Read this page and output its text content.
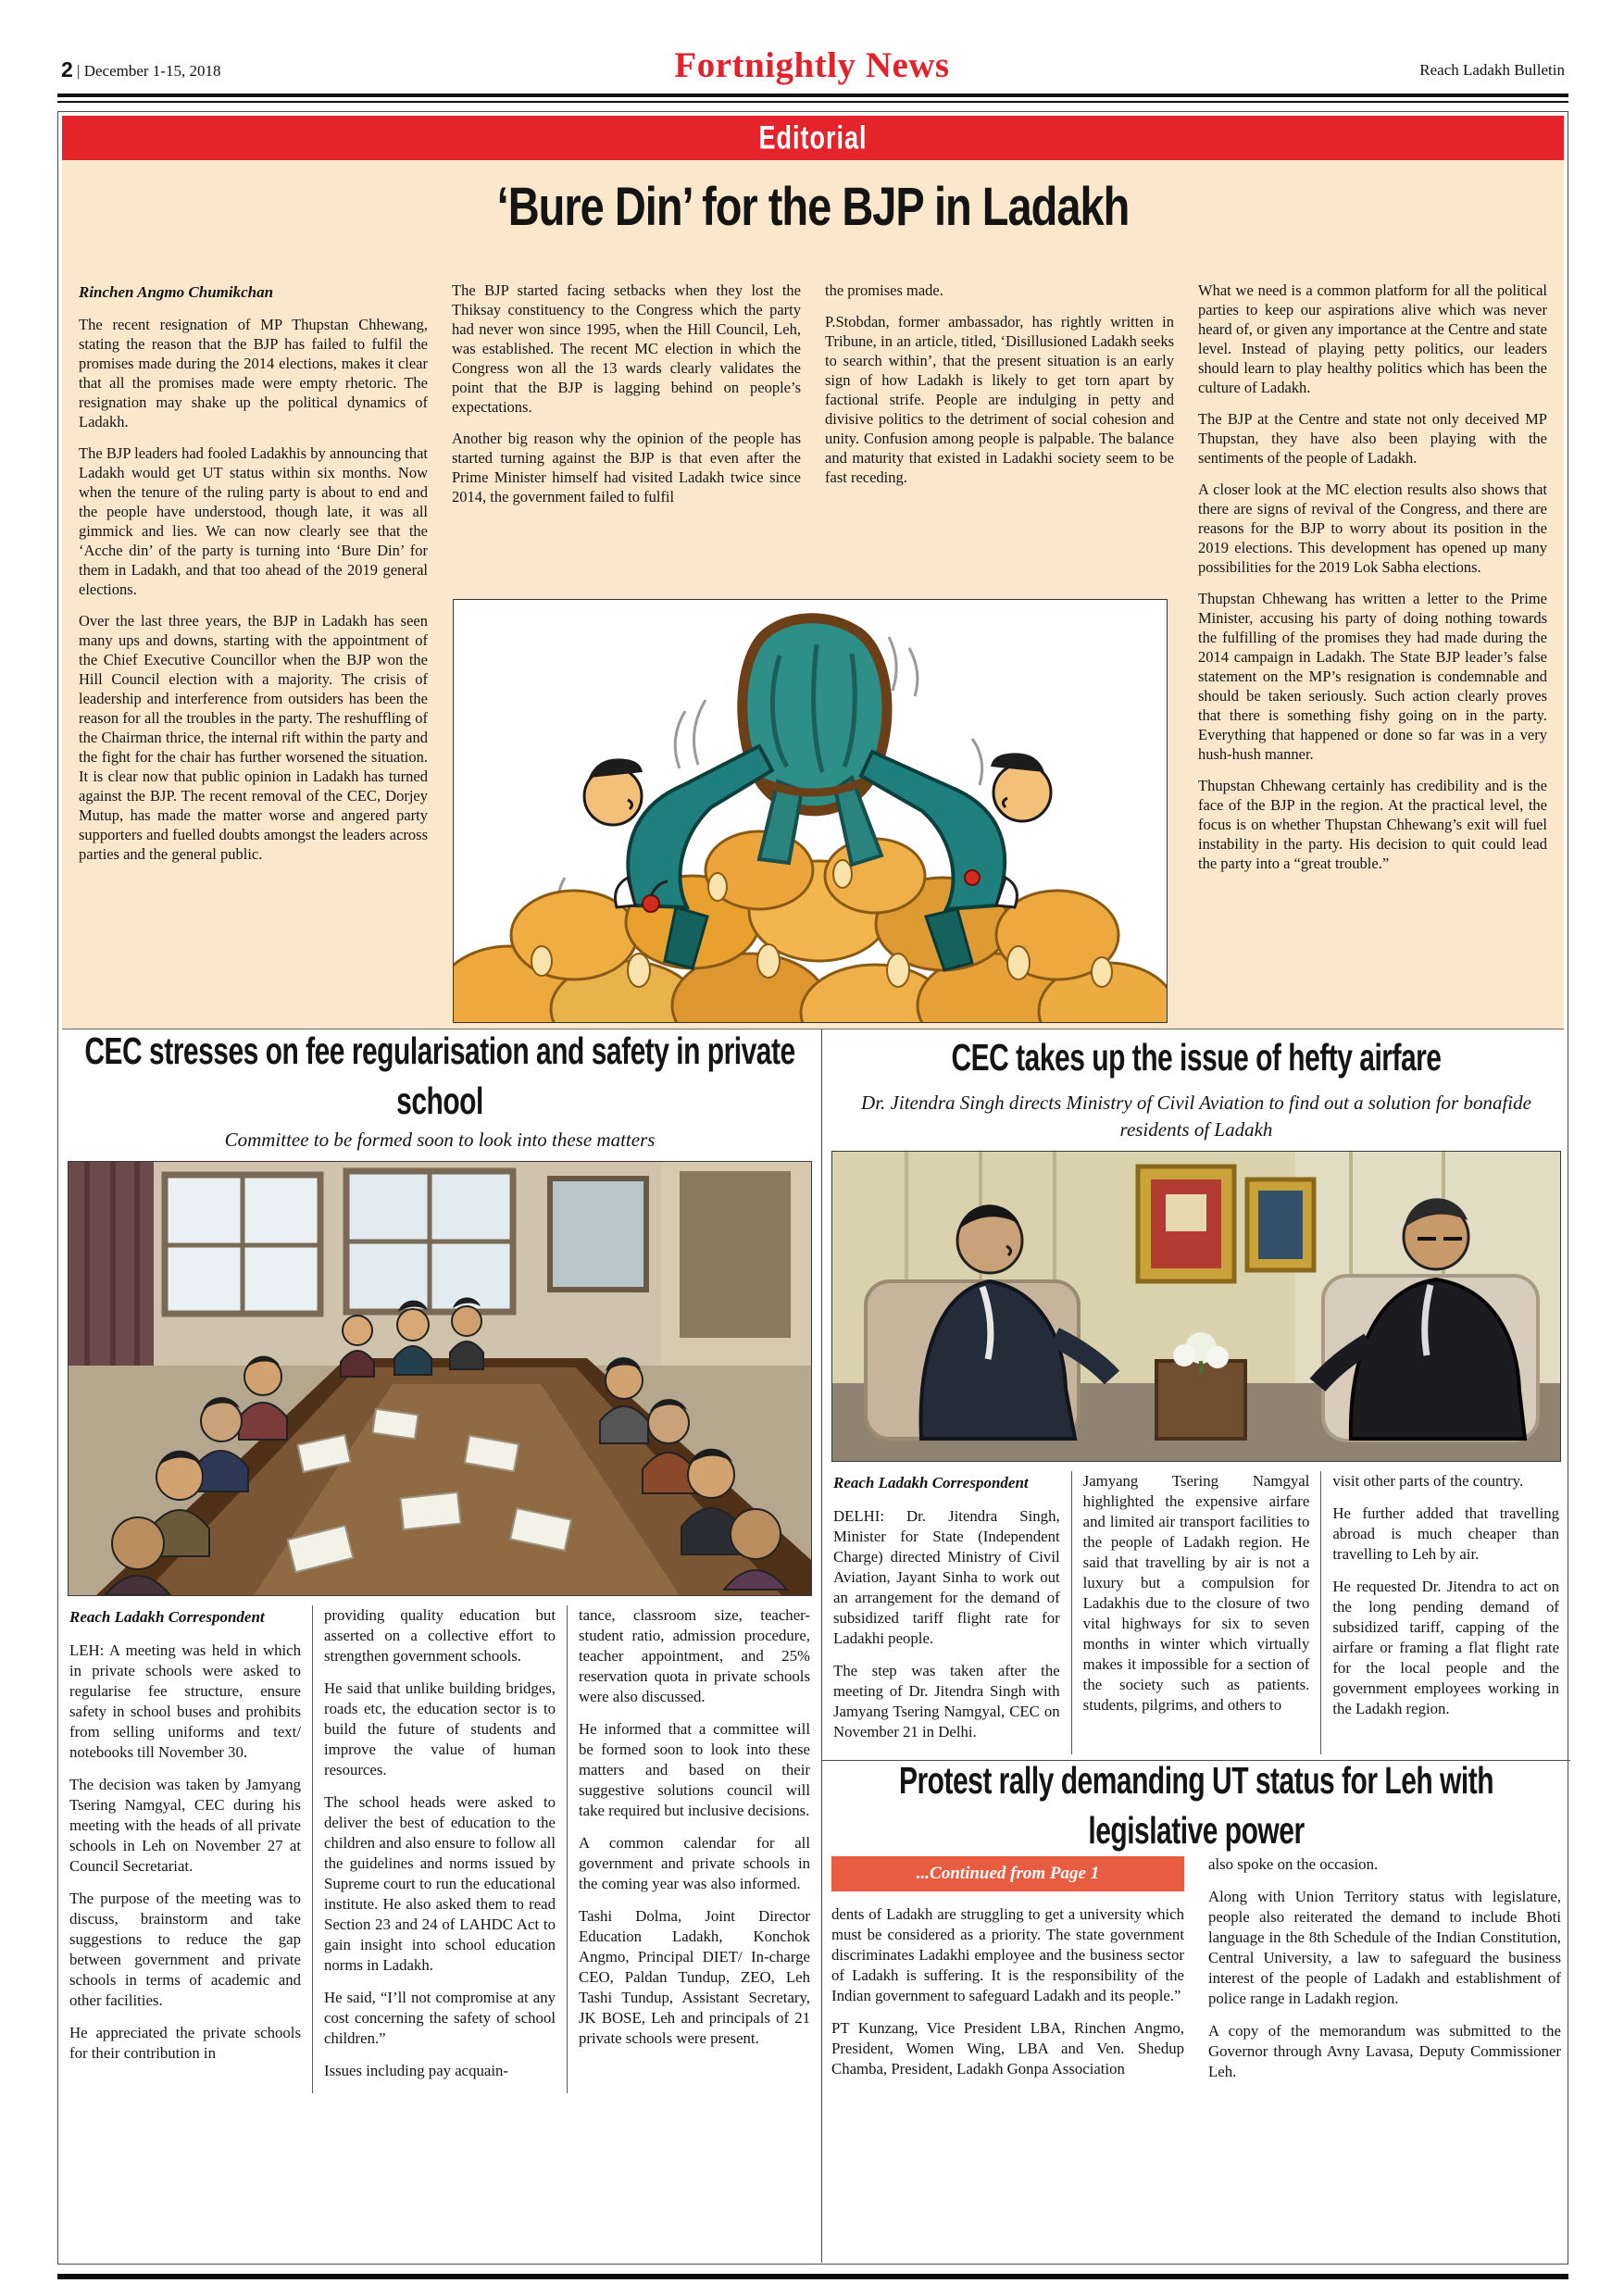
2 | December 1-15, 2018	Fortnightly News	Reach Ladakh Bulletin
Editorial
‘Bure Din’ for the BJP in Ladakh
Rinchen Angmo Chumikchan

The recent resignation of MP Thupstan Chhewang, stating the reason that the BJP has failed to fulfil the promises made during the 2014 elections, makes it clear that all the promises made were empty rhetoric. The resignation may shake up the political dynamics of Ladakh.

The BJP leaders had fooled Ladakhis by announcing that Ladakh would get UT status within six months. Now when the tenure of the ruling party is about to end and the people have understood, though late, it was all gimmick and lies. We can now clearly see that the ‘Acche din’ of the party is turning into ‘Bure Din’ for them in Ladakh, and that too ahead of the 2019 general elections.

Over the last three years, the BJP in Ladakh has seen many ups and downs, starting with the appointment of the Chief Executive Councillor when the BJP won the Hill Council election with a majority. The crisis of leadership and interference from outsiders has been the reason for all the troubles in the party. The reshuffling of the Chairman thrice, the internal rift within the party and the fight for the chair has further worsened the situation. It is clear now that public opinion in Ladakh has turned against the BJP. The recent removal of the CEC, Dorjey Mutup, has made the matter worse and angered party supporters and fuelled doubts amongst the leaders across parties and the general public.

The BJP started facing setbacks when they lost the Thiksay constituency to the Congress which the party had never won since 1995, when the Hill Council, Leh, was established. The recent MC election in which the Congress won all the 13 wards clearly validates the point that the BJP is lagging behind on people’s expectations.

Another big reason why the opinion of the people has started turning against the BJP is that even after the Prime Minister himself had visited Ladakh twice since 2014, the government failed to fulfil

the promises made.

P.Stobdan, former ambassador, has rightly written in Tribune, in an article, titled, ‘Disillusioned Ladakh seeks to search within’, that the present situation is an early sign of how Ladakh is likely to get torn apart by factional strife. People are indulging in petty and divisive politics to the detriment of social cohesion and unity. Confusion among people is palpable. The balance and maturity that existed in Ladakhi society seem to be fast receding.

What we need is a common platform for all the political parties to keep our aspirations alive which was never heard of, or given any importance at the Centre and state level. Instead of playing petty politics, our leaders should learn to play healthy politics which has been the culture of Ladakh.

The BJP at the Centre and state not only deceived MP Thupstan, they have also been playing with the sentiments of the people of Ladakh.

A closer look at the MC election results also shows that there are signs of revival of the Congress, and there are reasons for the BJP to worry about its position in the 2019 elections. This development has opened up many possibilities for the 2019 Lok Sabha elections.

Thupstan Chhewang has written a letter to the Prime Minister, accusing his party of doing nothing towards the fulfilling of the promises they had made during the 2014 campaign in Ladakh. The State BJP leader’s false statement on the MP’s resignation is condemnable and should be taken seriously. Such action clearly proves that there is something fishy going on in the party. Everything that happened or done so far was in a very hush-hush manner.

Thupstan Chhewang certainly has credibility and is the face of the BJP in the region. At the practical level, the focus is on whether Thupstan Chhewang’s exit will fuel instability in the party. His decision to quit could lead the party into a “great trouble.”

CEC stresses on fee regularisation and safety in private school
Committee to be formed soon to look into these matters
Reach Ladakh Correspondent

LEH: A meeting was held in which in private schools were asked to regularise fee structure, ensure safety in school buses and prohibits from selling uniforms and text/ notebooks till November 30.

The decision was taken by Jamyang Tsering Namgyal, CEC during his meeting with the heads of all private schools in Leh on November 27 at Council Secretariat.

The purpose of the meeting was to discuss, brainstorm and take suggestions to reduce the gap between government and private schools in terms of academic and other facilities.

He appreciated the private schools for their contribution in

providing quality education but asserted on a collective effort to strengthen government schools.

He said that unlike building bridges, roads etc, the education sector is to build the future of students and improve the value of human resources.

The school heads were asked to deliver the best of education to the children and also ensure to follow all the guidelines and norms issued by Supreme court to run the educational institute. He also asked them to read Section 23 and 24 of LAHDC Act to gain insight into school education norms in Ladakh.

He said, “I’ll not compromise at any cost concerning the safety of school children.”

Issues including pay acquain-

tance, classroom size, teacher-student ratio, admission procedure, teacher appointment, and 25% reservation quota in private schools were also discussed.

He informed that a committee will be formed soon to look into these matters and based on their suggestive solutions council will take required but inclusive decisions.

A common calendar for all government and private schools in the coming year was also informed.

Tashi Dolma, Joint Director Education Ladakh, Konchok Angmo, Principal DIET/ In-charge CEO, Paldan Tundup, ZEO, Leh Tashi Tundup, Assistant Secretary, JK BOSE, Leh and principals of 21 private schools were present.

CEC takes up the issue of hefty airfare
Dr. Jitendra Singh directs Ministry of Civil Aviation to find out a solution for bonafide residents of Ladakh
Reach Ladakh Correspondent

DELHI: Dr. Jitendra Singh, Minister for State (Independent Charge) directed Ministry of Civil Aviation, Jayant Sinha to work out an arrangement for the demand of subsidized tariff flight rate for Ladakhi people.

The step was taken after the meeting of Dr. Jitendra Singh with Jamyang Tsering Namgyal, CEC on November 21 in Delhi.

Jamyang Tsering Namgyal highlighted the expensive airfare and limited air transport facilities to the people of Ladakh region. He said that travelling by air is not a luxury but a compulsion for Ladakhis due to the closure of two vital highways for six to seven months in winter which virtually makes it impossible for a section of the society such as patients. students, pilgrims, and others to

visit other parts of the country.

He further added that travelling abroad is much cheaper than travelling to Leh by air.

He requested Dr. Jitendra to act on the long pending demand of subsidized tariff, capping of the airfare or framing a flat flight rate for the local people and the government employees working in the Ladakh region.

Protest rally demanding UT status for Leh with legislative power
...Continued from Page 1

dents of Ladakh are struggling to get a university which must be considered as a priority. The state government discriminates Ladakhi employee and the business sector of Ladakh is suffering. It is the responsibility of the Indian government to safeguard Ladakh and its people.”

PT Kunzang, Vice President LBA, Rinchen Angmo, President, Women Wing, LBA and Ven. Shedup Chamba, President, Ladakh Gonpa Association

also spoke on the occasion.

Along with Union Territory status with legislature, people also reiterated the demand to include Bhoti language in the 8th Schedule of the Indian Constitution, Central University, a law to safeguard the business interest of the people of Ladakh and establishment of police range in Ladakh region.

A copy of the memorandum was submitted to the Governor through Avny Lavasa, Deputy Commissioner Leh.
